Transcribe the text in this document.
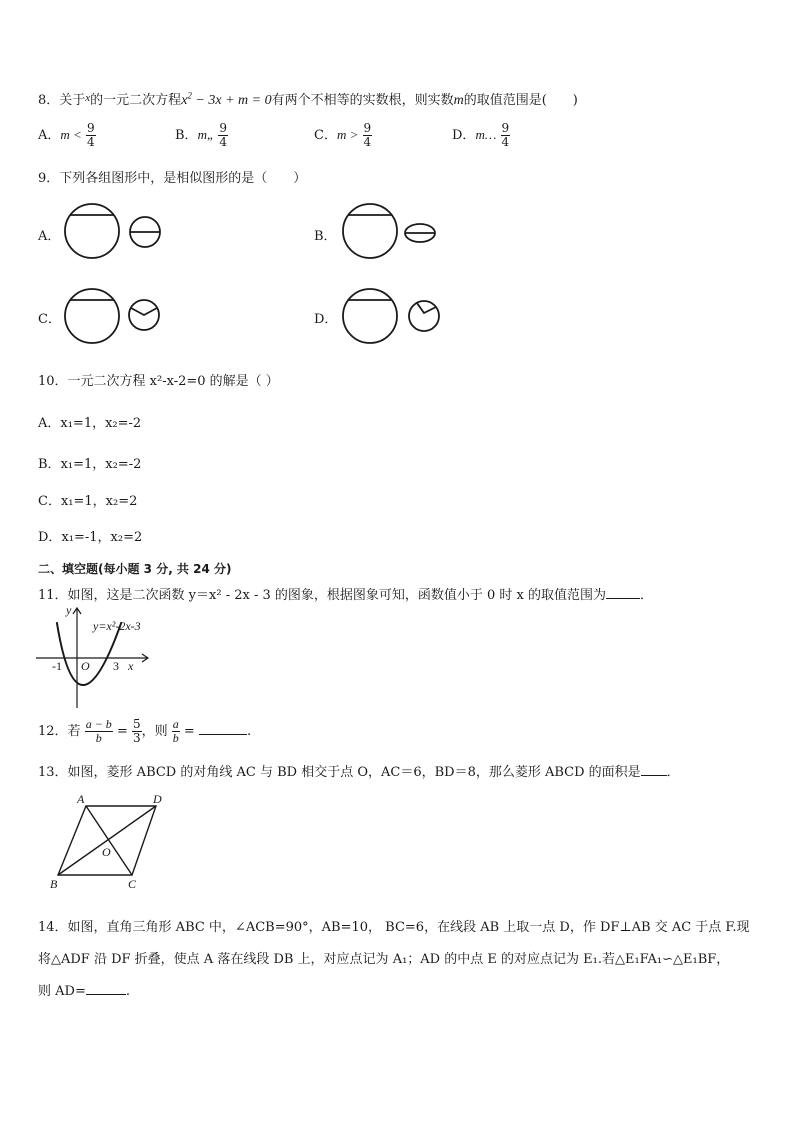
8．关于$^x$的一元二次方程$x^2 - 3x + m = 0$有两个不相等的实数根，则实数m的取值范围是(　　)
A．$m < \frac{9}{4}$	B．m„ $\frac{9}{4}$	C．$m > \frac{9}{4}$	D．m… $\frac{9}{4}$
9．下列各组图形中，是相似图形的是（　　）
A．	B．
C．	D．
10．一元二次方程 x²-x-2=0 的解是（ ）
A．x₁=1，x₂=-2
B．x₁=1，x₂=-2
C．x₁=1，x₂=2
D．x₁=-1，x₂=2
二、填空题(每小题 3 分, 共 24 分)
11．如图，这是二次函数 y＝x² - 2x - 3 的图象，根据图象可知，函数值小于 0 时 x 的取值范围为	．
y=x²-2x-3
y
x
O
-1	3
12．若 $\frac{a - b}{b} = \frac{5}{3}$ ，则 $\frac{a}{b}$ =	.
13．如图，菱形 ABCD 的对角线 AC 与 BD 相交于点 O，AC＝6，BD＝8，那么菱形 ABCD 的面积是 ．
A	D
B	C
O
14．如图，直角三角形 ABC 中，∠ACB=90°，AB=10， BC=6，在线段 AB 上取一点 D，作 DF⊥AB 交 AC 于点 F.现
将△ADF 沿 DF 折叠，使点 A 落在线段 DB 上，对应点记为 A₁；AD 的中点 E 的对应点记为 E₁.若△E₁FA₁∽△E₁BF，
则 AD=	.
